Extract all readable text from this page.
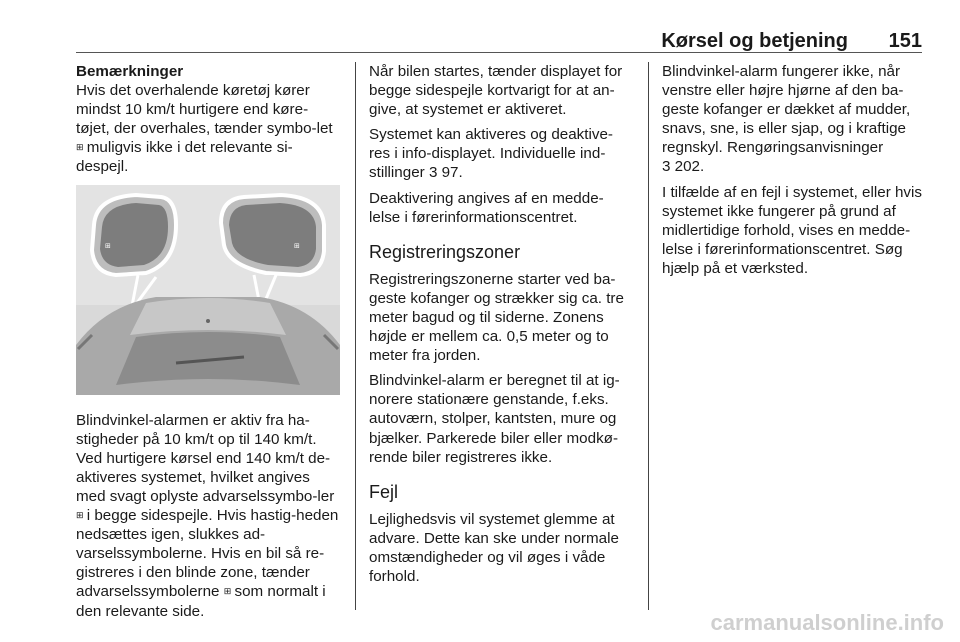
Kørsel og betjening 151

Bemærkninger

Hvis det overhalende køretøj kører mindst 10 km/t hurtigere end køre-tøjet, der overhales, tænder symbo-let ⊞ muligvis ikke i det relevante si-despejl.

⊞	⊞

Blindvinkel-alarmen er aktiv fra ha-stigheder på 10 km/t op til 140 km/t. Ved hurtigere kørsel end 140 km/t de-aktiveres systemet, hvilket angives med svagt oplyste advarselssymbo-ler ⊞ i begge sidespejle. Hvis hastig-heden nedsættes igen, slukkes ad-varselssymbolerne. Hvis en bil så re-gistreres i den blinde zone, tænder advarselssymbolerne ⊞ som normalt i den relevante side.

Når bilen startes, tænder displayet for begge sidespejle kortvarigt for at an-give, at systemet er aktiveret.

Systemet kan aktiveres og deaktive-res i info-displayet. Individuelle ind-stillinger 3 97.

Deaktivering angives af en medde-lelse i førerinformationscentret.

Registreringszoner

Registreringszonerne starter ved ba-geste kofanger og strækker sig ca. tre meter bagud og til siderne. Zonens højde er mellem ca. 0,5 meter og to meter fra jorden.

Blindvinkel-alarm er beregnet til at ig-norere stationære genstande, f.eks. autoværn, stolper, kantsten, mure og bjælker. Parkerede biler eller modkø-rende biler registreres ikke.

Fejl

Lejlighedsvis vil systemet glemme at advare. Dette kan ske under normale omstændigheder og vil øges i våde forhold.

Blindvinkel-alarm fungerer ikke, når venstre eller højre hjørne af den ba-geste kofanger er dækket af mudder, snavs, sne, is eller sjap, og i kraftige regnskyl. Rengøringsanvisninger
3 202.

I tilfælde af en fejl i systemet, eller hvis systemet ikke fungerer på grund af midlertidige forhold, vises en medde-lelse i førerinformationscentret. Søg hjælp på et værksted.

carmanualsonline.info
